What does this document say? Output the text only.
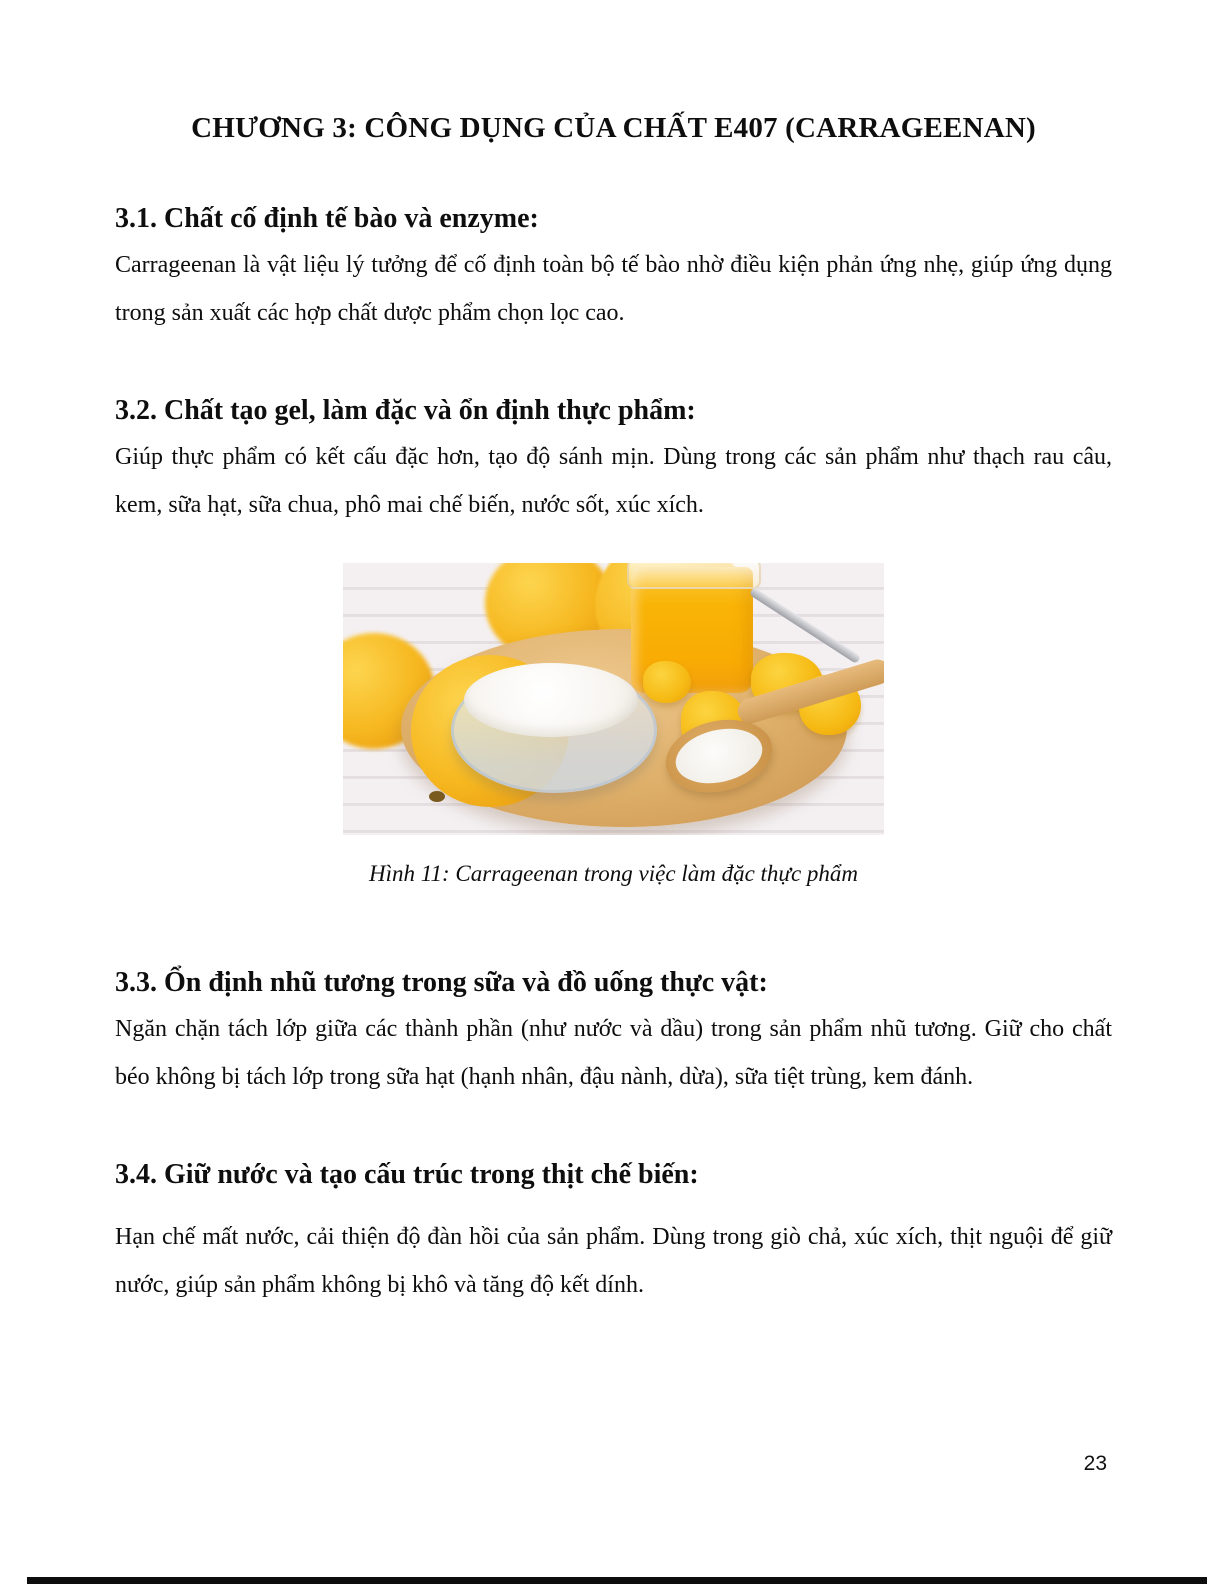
CHƯƠNG 3: CÔNG DỤNG CỦA CHẤT E407 (CARRAGEENAN)
3.1. Chất cố định tế bào và enzyme:

Carrageenan là vật liệu lý tưởng để cố định toàn bộ tế bào nhờ điều kiện phản ứng nhẹ, giúp ứng dụng trong sản xuất các hợp chất dược phẩm chọn lọc cao.

3.2. Chất tạo gel, làm đặc và ổn định thực phẩm:

Giúp thực phẩm có kết cấu đặc hơn, tạo độ sánh mịn. Dùng trong các sản phẩm như thạch rau câu, kem, sữa hạt, sữa chua, phô mai chế biến, nước sốt, xúc xích.

Hình 11: Carrageenan trong việc làm đặc thực phẩm
3.3. Ổn định nhũ tương trong sữa và đồ uống thực vật:

Ngăn chặn tách lớp giữa các thành phần (như nước và dầu) trong sản phẩm nhũ tương. Giữ cho chất béo không bị tách lớp trong sữa hạt (hạnh nhân, đậu nành, dừa), sữa tiệt trùng, kem đánh.

3.4. Giữ nước và tạo cấu trúc trong thịt chế biến:

Hạn chế mất nước, cải thiện độ đàn hồi của sản phẩm. Dùng trong giò chả, xúc xích, thịt nguội để giữ nước, giúp sản phẩm không bị khô và tăng độ kết dính.

23
